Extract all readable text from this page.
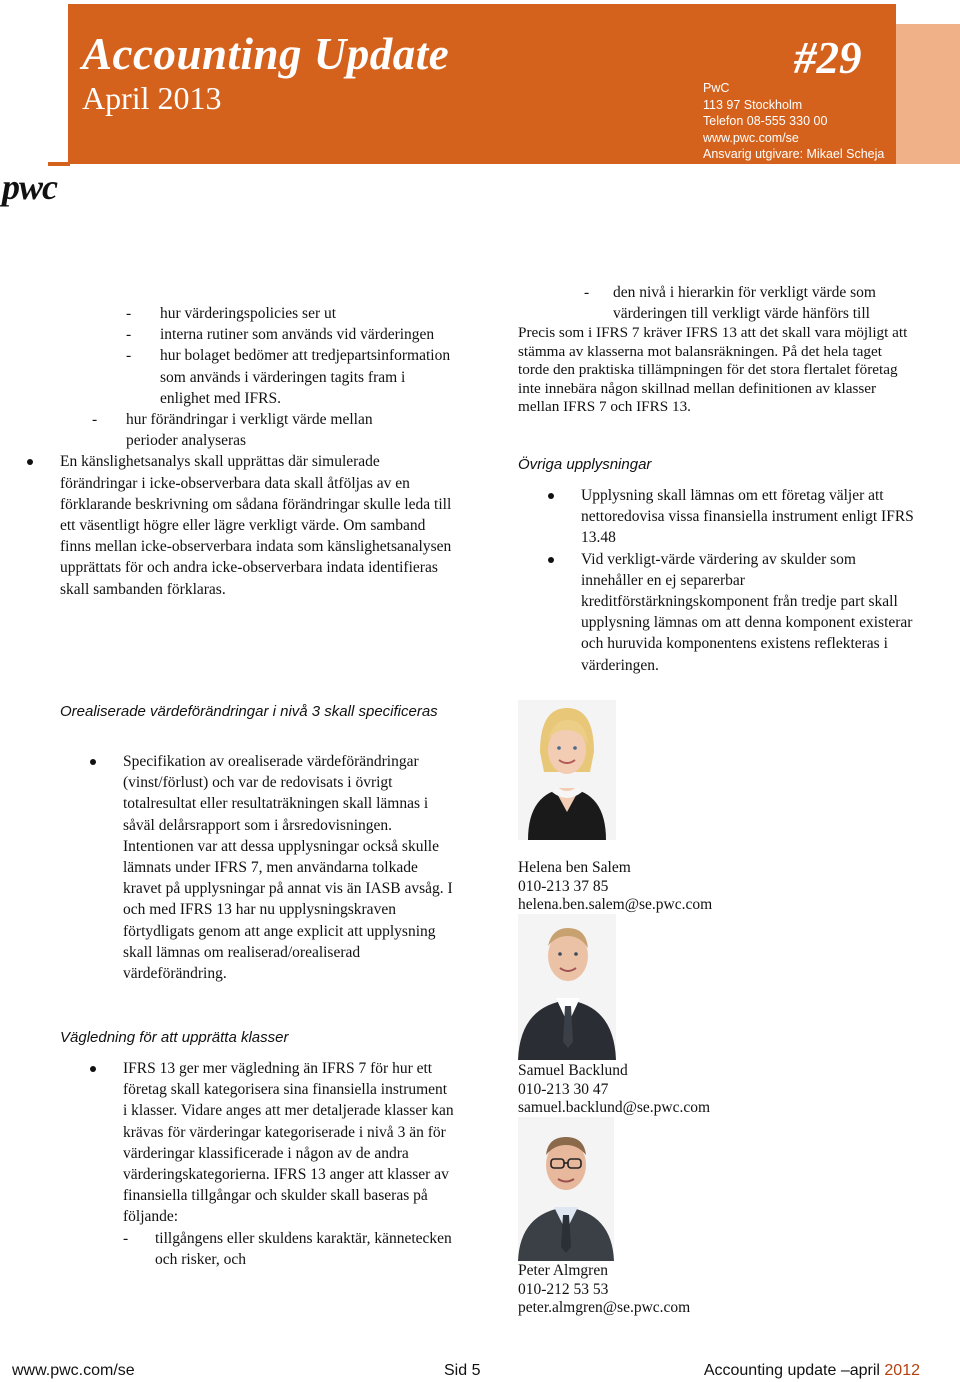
Accounting Update
April 2013
#29
PwC
113 97 Stockholm
Telefon 08-555 330 00
www.pwc.com/se
Ansvarig utgivare: Mikael Scheja
pwc
- hur värderingspolicies ser ut
- interna rutiner som används vid värderingen
- hur bolaget bedömer att tredjepartsinformation som används i värderingen tagits fram i enlighet med IFRS.
- hur förändringar i verkligt värde mellan perioder analyseras
En känslighetsanalys skall upprättas där simulerade förändringar i icke-observerbara data skall åtföljas av en förklarande beskrivning om sådana förändringar skulle leda till ett väsentligt högre eller lägre verkligt värde. Om samband finns mellan icke-observerbara indata som känslighetsanalysen upprättats för och andra icke-observerbara indata identifieras skall sambanden förklaras.
Orealiserade värdeförändringar i nivå 3 skall specificeras
Specifikation av orealiserade värdeförändringar (vinst/förlust) och var de redovisats i övrigt totalresultat eller resultaträkningen skall lämnas i såväl delårsrapport som i årsredovisningen. Intentionen var att dessa upplysningar också skulle lämnats under IFRS 7, men användarna tolkade kravet på upplysningar på annat vis än IASB avsåg. I och med IFRS 13 har nu upplysningskraven förtydligats genom att ange explicit att upplysning skall lämnas om realiserad/orealiserad värdeförändring.
Vägledning för att upprätta klasser
IFRS 13 ger mer vägledning än IFRS 7 för hur ett företag skall kategorisera sina finansiella instrument i klasser. Vidare anges att mer detaljerade klasser kan krävas för värderingar kategoriserade i nivå 3 än för värderingar klassificerade i någon av de andra värderingskategorierna. IFRS 13 anger att klasser av finansiella tillgångar och skulder skall baseras på följande:
- tillgångens eller skuldens karaktär, kännetecken och risker, och
- den nivå i hierarkin för verkligt värde som värderingen till verkligt värde hänförs till
Precis som i IFRS 7 kräver IFRS 13 att det skall vara möjligt att stämma av klasserna mot balansräkningen. På det hela taget torde den praktiska tillämpningen för det stora flertalet företag inte innebära någon skillnad mellan definitionen av klasser mellan IFRS 7 och IFRS 13.
Övriga upplysningar
Upplysning skall lämnas om ett företag väljer att nettoredovisa vissa finansiella instrument enligt IFRS 13.48
Vid verkligt-värde värdering av skulder som innehåller en ej separerbar kreditförstärkningskomponent från tredje part skall upplysning lämnas om att denna komponent existerar och huruvida komponentens existens reflekteras i värderingen.
Helena ben Salem
010-213 37 85
helena.ben.salem@se.pwc.com
Samuel Backlund
010-213 30 47
samuel.backlund@se.pwc.com
Peter Almgren
010-212 53 53
peter.almgren@se.pwc.com
www.pwc.com/se	Sid 5	Accounting update –april 2012
